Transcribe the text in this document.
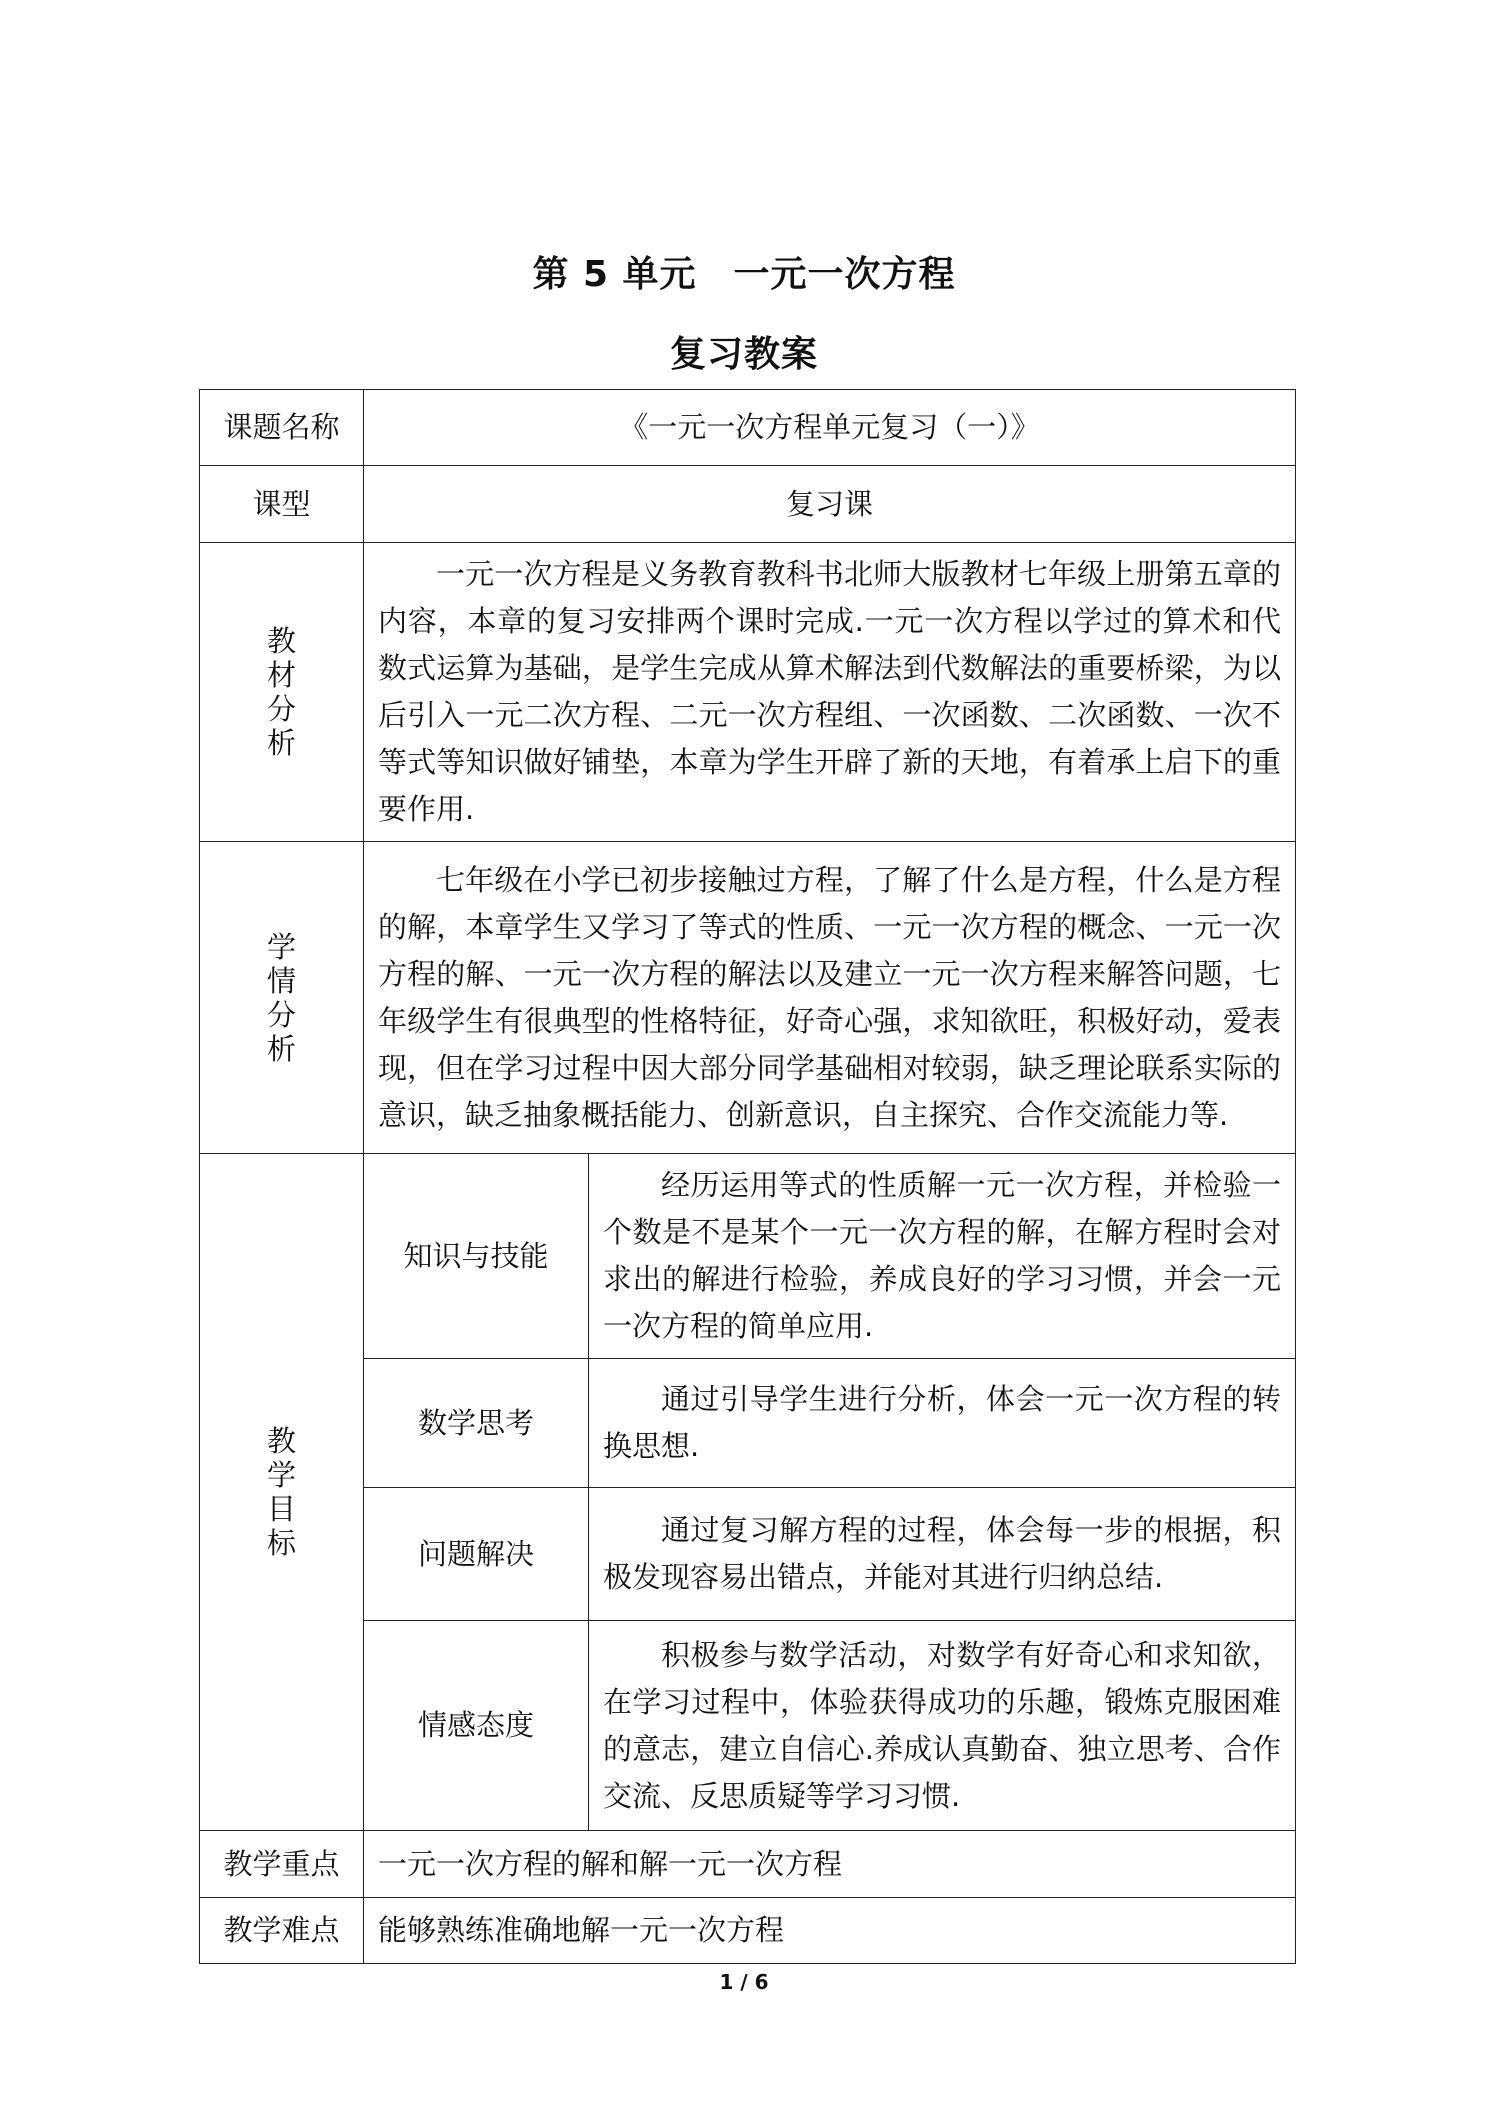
第 5 单元　一元一次方程
复习教案
课题名称	《一元一次方程单元复习（一）》	
课型	复习课	

教
材
分
析	一元一次方程是义务教育教科书北师大版教材七年级上册第五章的内容，本章的复习安排两个课时完成.一元一次方程以学过的算术和代数式运算为基础，是学生完成从算术解法到代数解法的重要桥梁，为以后引入一元二次方程、二元一次方程组、一次函数、二次函数、一次不等式等知识做好铺垫，本章为学生开辟了新的天地，有着承上启下的重要作用.	

学
情
分
析	七年级在小学已初步接触过方程，了解了什么是方程，什么是方程的解，本章学生又学习了等式的性质、一元一次方程的概念、一元一次方程的解、一元一次方程的解法以及建立一元一次方程来解答问题，七年级学生有很典型的性格特征，好奇心强，求知欲旺，积极好动，爱表现，但在学习过程中因大部分同学基础相对较弱，缺乏理论联系实际的意识，缺乏抽象概括能力、创新意识，自主探究、合作交流能力等.	

教
学
目
标	知识与技能	经历运用等式的性质解一元一次方程，并检验一个数是不是某个一元一次方程的解，在解方程时会对求出的解进行检验，养成良好的学习习惯，并会一元一次方程的简单应用.
	数学思考	通过引导学生进行分析，体会一元一次方程的转换思想.
	问题解决	通过复习解方程的过程，体会每一步的根据，积极发现容易出错点，并能对其进行归纳总结.
	情感态度	积极参与数学活动，对数学有好奇心和求知欲，在学习过程中，体验获得成功的乐趣，锻炼克服困难的意志，建立自信心.养成认真勤奋、独立思考、合作交流、反思质疑等学习习惯.
教学重点	一元一次方程的解和解一元一次方程	
教学难点	能够熟练准确地解一元一次方程	
1 / 6
